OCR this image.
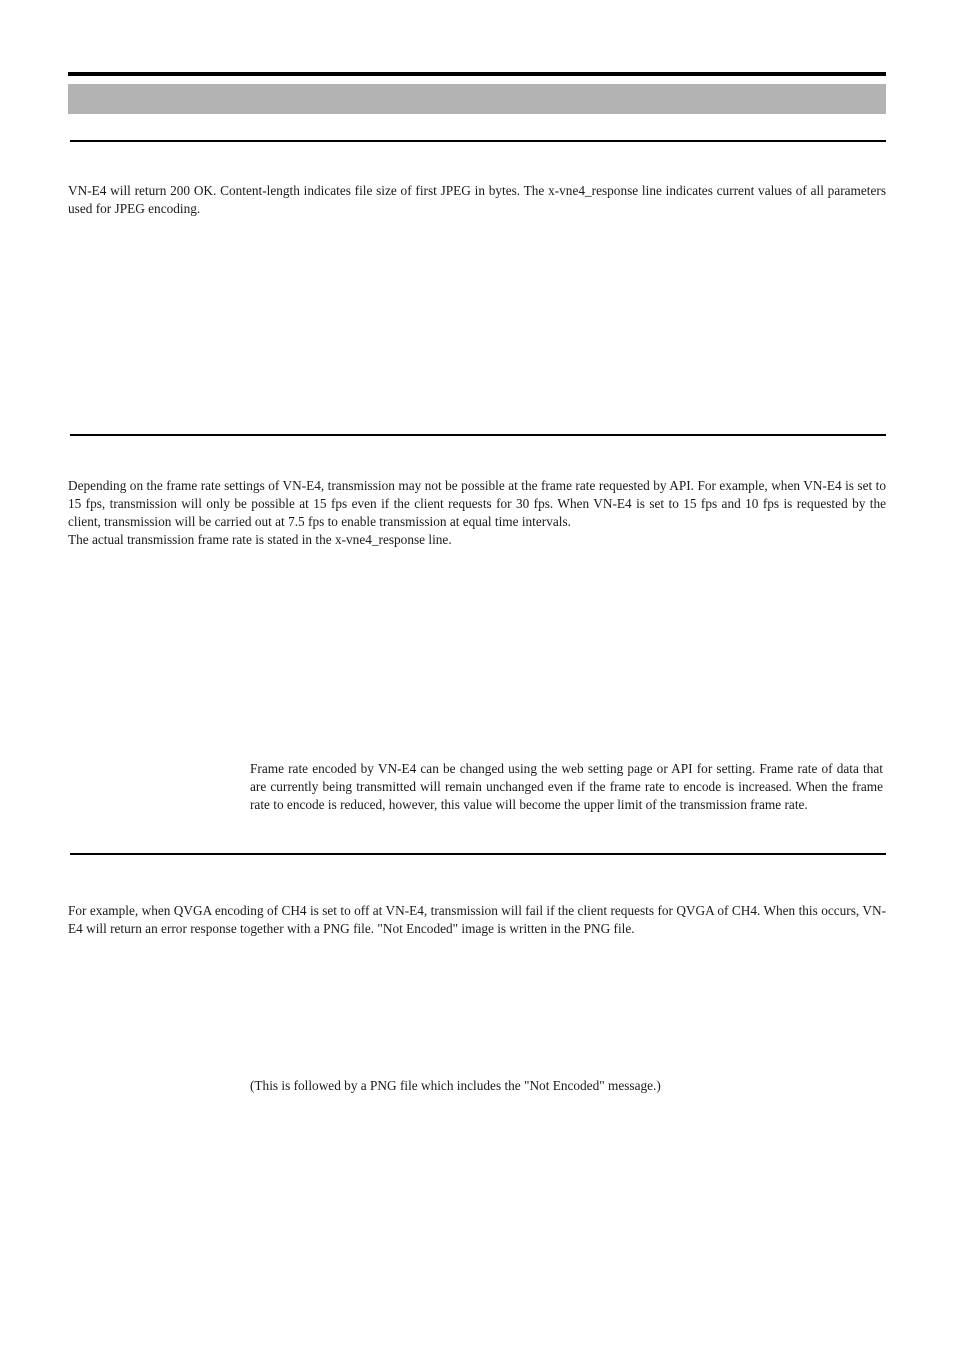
VN-E4 will return 200 OK. Content-length indicates file size of first JPEG in bytes. The x-vne4_response line indicates current values of all parameters used for JPEG encoding.

Depending on the frame rate settings of VN-E4, transmission may not be possible at the frame rate requested by API. For example, when VN-E4 is set to 15 fps, transmission will only be possible at 15 fps even if the client requests for 30 fps. When VN-E4 is set to 15 fps and 10 fps is requested by the client, transmission will be carried out at 7.5 fps to enable transmission at equal time intervals.
The actual transmission frame rate is stated in the x-vne4_response line.

Frame rate encoded by VN-E4 can be changed using the web setting page or API for setting. Frame rate of data that are currently being transmitted will remain unchanged even if the frame rate to encode is increased. When the frame rate to encode is reduced, however, this value will become the upper limit of the transmission frame rate.

For example, when QVGA encoding of CH4 is set to off at VN-E4, transmission will fail if the client requests for QVGA of CH4. When this occurs, VN-E4 will return an error response together with a PNG file. "Not Encoded" image is written in the PNG file.

(This is followed by a PNG file which includes the "Not Encoded" message.)
